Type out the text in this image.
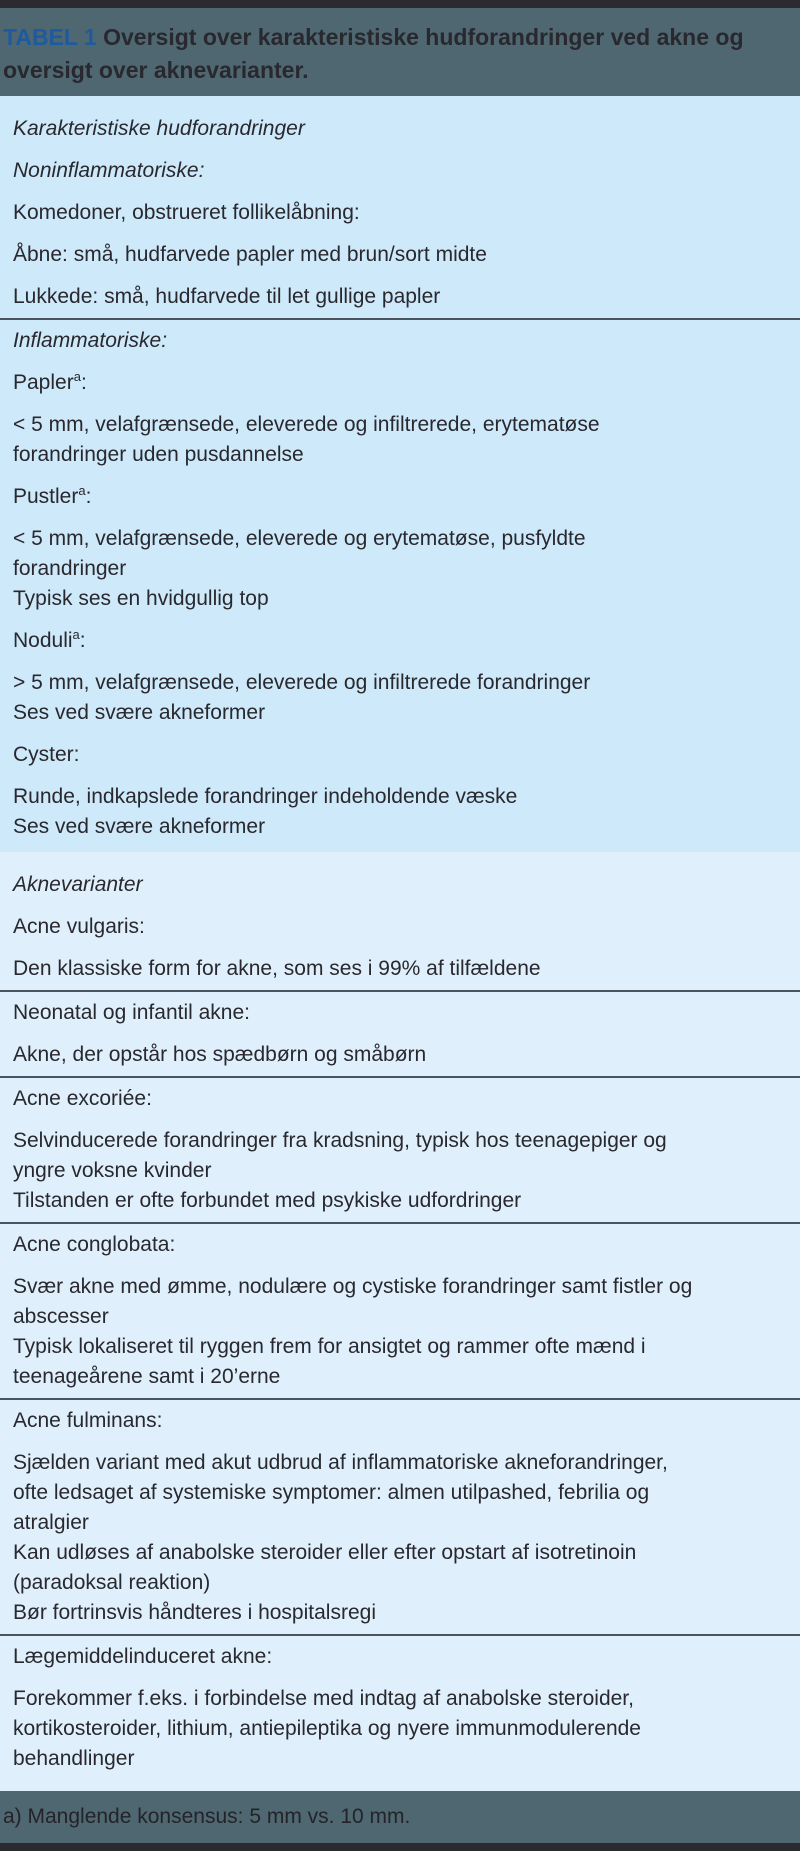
TABEL 1 Oversigt over karakteristiske hudforandringer ved akne og oversigt over aknevarianter.
Karakteristiske hudforandringer
Noninflammatoriske:
Komedoner, obstrueret follikelåbning:
Åbne: små, hudfarvede papler med brun/sort midte
Lukkede: små, hudfarvede til let gullige papler
Inflammatoriske:
Papler$^a$:
< 5 mm, velafgrænsede, eleverede og infiltrerede, erytematøse
forandringer uden pusdannelse
Pustler$^a$:
< 5 mm, velafgrænsede, eleverede og erytematøse, pusfyldte
forandringer
Typisk ses en hvidgullig top
Noduli$^a$:
> 5 mm, velafgrænsede, eleverede og infiltrerede forandringer
Ses ved svære akneformer
Cyster:
Runde, indkapslede forandringer indeholdende væske
Ses ved svære akneformer
Aknevarianter
Acne vulgaris:
Den klassiske form for akne, som ses i 99% af tilfældene
Neonatal og infantil akne:
Akne, der opstår hos spædbørn og småbørn
Acne excoriée:
Selvinducerede forandringer fra kradsning, typisk hos teenagepiger og
yngre voksne kvinder
Tilstanden er ofte forbundet med psykiske udfordringer
Acne conglobata:
Svær akne med ømme, nodulære og cystiske forandringer samt fistler og
abscesser
Typisk lokaliseret til ryggen frem for ansigtet og rammer ofte mænd i
teenageårene samt i 20’erne
Acne fulminans:
Sjælden variant med akut udbrud af inflammatoriske akneforandringer,
ofte ledsaget af systemiske symptomer: almen utilpashed, febrilia og
atralgier
Kan udløses af anabolske steroider eller efter opstart af isotretinoin
(paradoksal reaktion)
Bør fortrinsvis håndteres i hospitalsregi
Lægemiddelinduceret akne:
Forekommer f.eks. i forbindelse med indtag af anabolske steroider,
kortikosteroider, lithium, antiepileptika og nyere immunmodulerende
behandlinger
a) Manglende konsensus: 5 mm vs. 10 mm.
